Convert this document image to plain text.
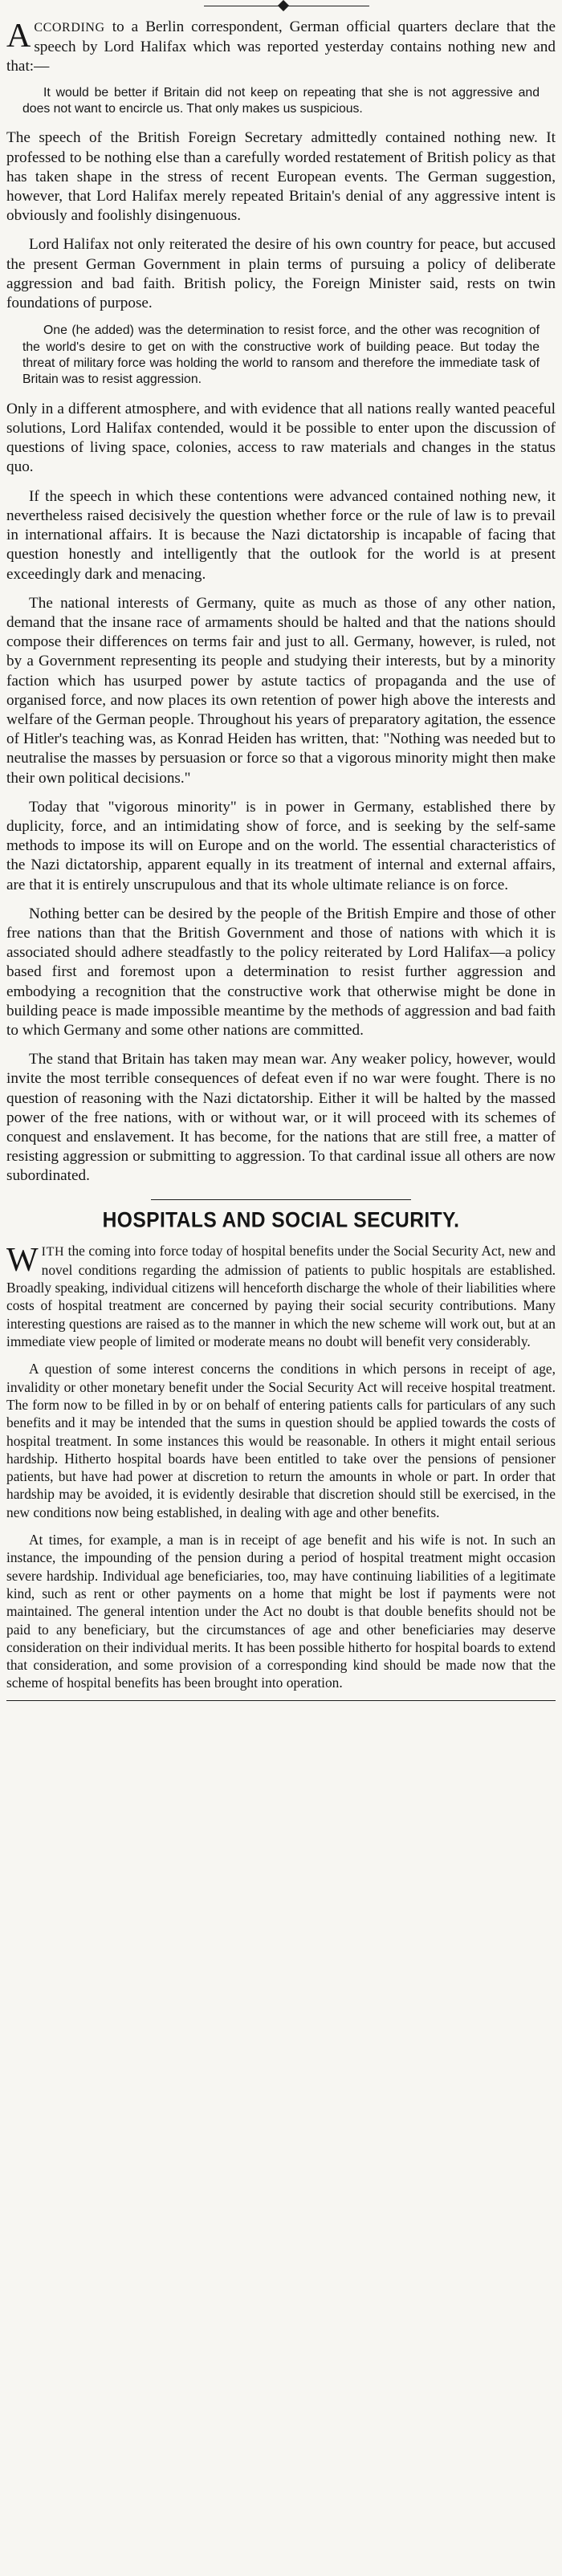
ACCORDING to a Berlin correspondent, German official quarters declare that the speech by Lord Halifax which was reported yesterday contains nothing new and that:—

It would be better if Britain did not keep on repeating that she is not aggressive and does not want to encircle us. That only makes us suspicious.

The speech of the British Foreign Secretary admittedly contained nothing new. It professed to be nothing else than a carefully worded restatement of British policy as that has taken shape in the stress of recent European events. The German suggestion, however, that Lord Halifax merely repeated Britain's denial of any aggressive intent is obviously and foolishly disingenuous.

Lord Halifax not only reiterated the desire of his own country for peace, but accused the present German Government in plain terms of pursuing a policy of deliberate aggression and bad faith. British policy, the Foreign Minister said, rests on twin foundations of purpose.

One (he added) was the determination to resist force, and the other was recognition of the world's desire to get on with the constructive work of building peace. But today the threat of military force was holding the world to ransom and therefore the immediate task of Britain was to resist aggression.

Only in a different atmosphere, and with evidence that all nations really wanted peaceful solutions, Lord Halifax contended, would it be possible to enter upon the discussion of questions of living space, colonies, access to raw materials and changes in the status quo.

If the speech in which these contentions were advanced contained nothing new, it nevertheless raised decisively the question whether force or the rule of law is to prevail in international affairs. It is because the Nazi dictatorship is incapable of facing that question honestly and intelligently that the outlook for the world is at present exceedingly dark and menacing.

The national interests of Germany, quite as much as those of any other nation, demand that the insane race of armaments should be halted and that the nations should compose their differences on terms fair and just to all. Germany, however, is ruled, not by a Government representing its people and studying their interests, but by a minority faction which has usurped power by astute tactics of propaganda and the use of organised force, and now places its own retention of power high above the interests and welfare of the German people. Throughout his years of preparatory agitation, the essence of Hitler's teaching was, as Konrad Heiden has written, that: "Nothing was needed but to neutralise the masses by persuasion or force so that a vigorous minority might then make their own political decisions."

Today that "vigorous minority" is in power in Germany, established there by duplicity, force, and an intimidating show of force, and is seeking by the self-same methods to impose its will on Europe and on the world. The essential characteristics of the Nazi dictatorship, apparent equally in its treatment of internal and external affairs, are that it is entirely unscrupulous and that its whole ultimate reliance is on force.

Nothing better can be desired by the people of the British Empire and those of other free nations than that the British Government and those of nations with which it is associated should adhere steadfastly to the policy reiterated by Lord Halifax—a policy based first and foremost upon a determination to resist further aggression and embodying a recognition that the constructive work that otherwise might be done in building peace is made impossible meantime by the methods of aggression and bad faith to which Germany and some other nations are committed.

The stand that Britain has taken may mean war. Any weaker policy, however, would invite the most terrible consequences of defeat even if no war were fought. There is no question of reasoning with the Nazi dictatorship. Either it will be halted by the massed power of the free nations, with or without war, or it will proceed with its schemes of conquest and enslavement. It has become, for the nations that are still free, a matter of resisting aggression or submitting to aggression. To that cardinal issue all others are now subordinated.

HOSPITALS AND SOCIAL SECURITY.

WITH the coming into force today of hospital benefits under the Social Security Act, new and novel conditions regarding the admission of patients to public hospitals are established. Broadly speaking, individual citizens will henceforth discharge the whole of their liabilities where costs of hospital treatment are concerned by paying their social security contributions. Many interesting questions are raised as to the manner in which the new scheme will work out, but at an immediate view people of limited or moderate means no doubt will benefit very considerably.

A question of some interest concerns the conditions in which persons in receipt of age, invalidity or other monetary benefit under the Social Security Act will receive hospital treatment. The form now to be filled in by or on behalf of entering patients calls for particulars of any such benefits and it may be intended that the sums in question should be applied towards the costs of hospital treatment. In some instances this would be reasonable. In others it might entail serious hardship. Hitherto hospital boards have been entitled to take over the pensions of pensioner patients, but have had power at discretion to return the amounts in whole or part. In order that hardship may be avoided, it is evidently desirable that discretion should still be exercised, in the new conditions now being established, in dealing with age and other benefits.

At times, for example, a man is in receipt of age benefit and his wife is not. In such an instance, the impounding of the pension during a period of hospital treatment might occasion severe hardship. Individual age beneficiaries, too, may have continuing liabilities of a legitimate kind, such as rent or other payments on a home that might be lost if payments were not maintained. The general intention under the Act no doubt is that double benefits should not be paid to any beneficiary, but the circumstances of age and other beneficiaries may deserve consideration on their individual merits. It has been possible hitherto for hospital boards to extend that consideration, and some provision of a corresponding kind should be made now that the scheme of hospital benefits has been brought into operation.
